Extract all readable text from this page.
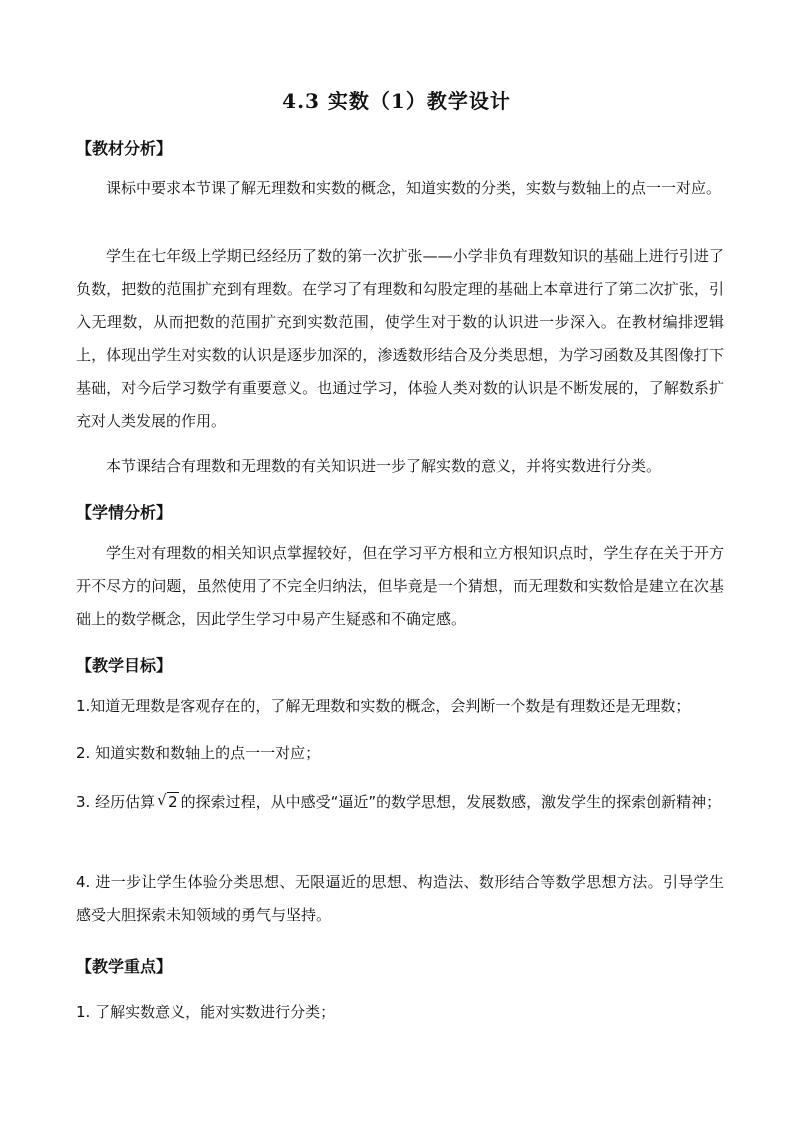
4.3 实数（1）教学设计
【教材分析】
课标中要求本节课了解无理数和实数的概念，知道实数的分类，实数与数轴上的点一一对应。
学生在七年级上学期已经经历了数的第一次扩张——小学非负有理数知识的基础上进行引进了负数，把数的范围扩充到有理数。在学习了有理数和勾股定理的基础上本章进行了第二次扩张，引入无理数，从而把数的范围扩充到实数范围，使学生对于数的认识进一步深入。在教材编排逻辑上，体现出学生对实数的认识是逐步加深的，渗透数形结合及分类思想，为学习函数及其图像打下基础，对今后学习数学有重要意义。也通过学习，体验人类对数的认识是不断发展的，了解数系扩充对人类发展的作用。
本节课结合有理数和无理数的有关知识进一步了解实数的意义，并将实数进行分类。
【学情分析】
学生对有理数的相关知识点掌握较好，但在学习平方根和立方根知识点时，学生存在关于开方开不尽方的问题，虽然使用了不完全归纳法，但毕竟是一个猜想，而无理数和实数恰是建立在次基础上的数学概念，因此学生学习中易产生疑惑和不确定感。
【教学目标】
1.知道无理数是客观存在的，了解无理数和实数的概念，会判断一个数是有理数还是无理数；
2. 知道实数和数轴上的点一一对应；
3. 经历估算 √ 2 的探索过程，从中感受“逼近”的数学思想，发展数感，激发学生的探索创新精神；
4. 进一步让学生体验分类思想、无限逼近的思想、构造法、数形结合等数学思想方法。引导学生感受大胆探索未知领域的勇气与坚持。
【教学重点】
1. 了解实数意义，能对实数进行分类；
